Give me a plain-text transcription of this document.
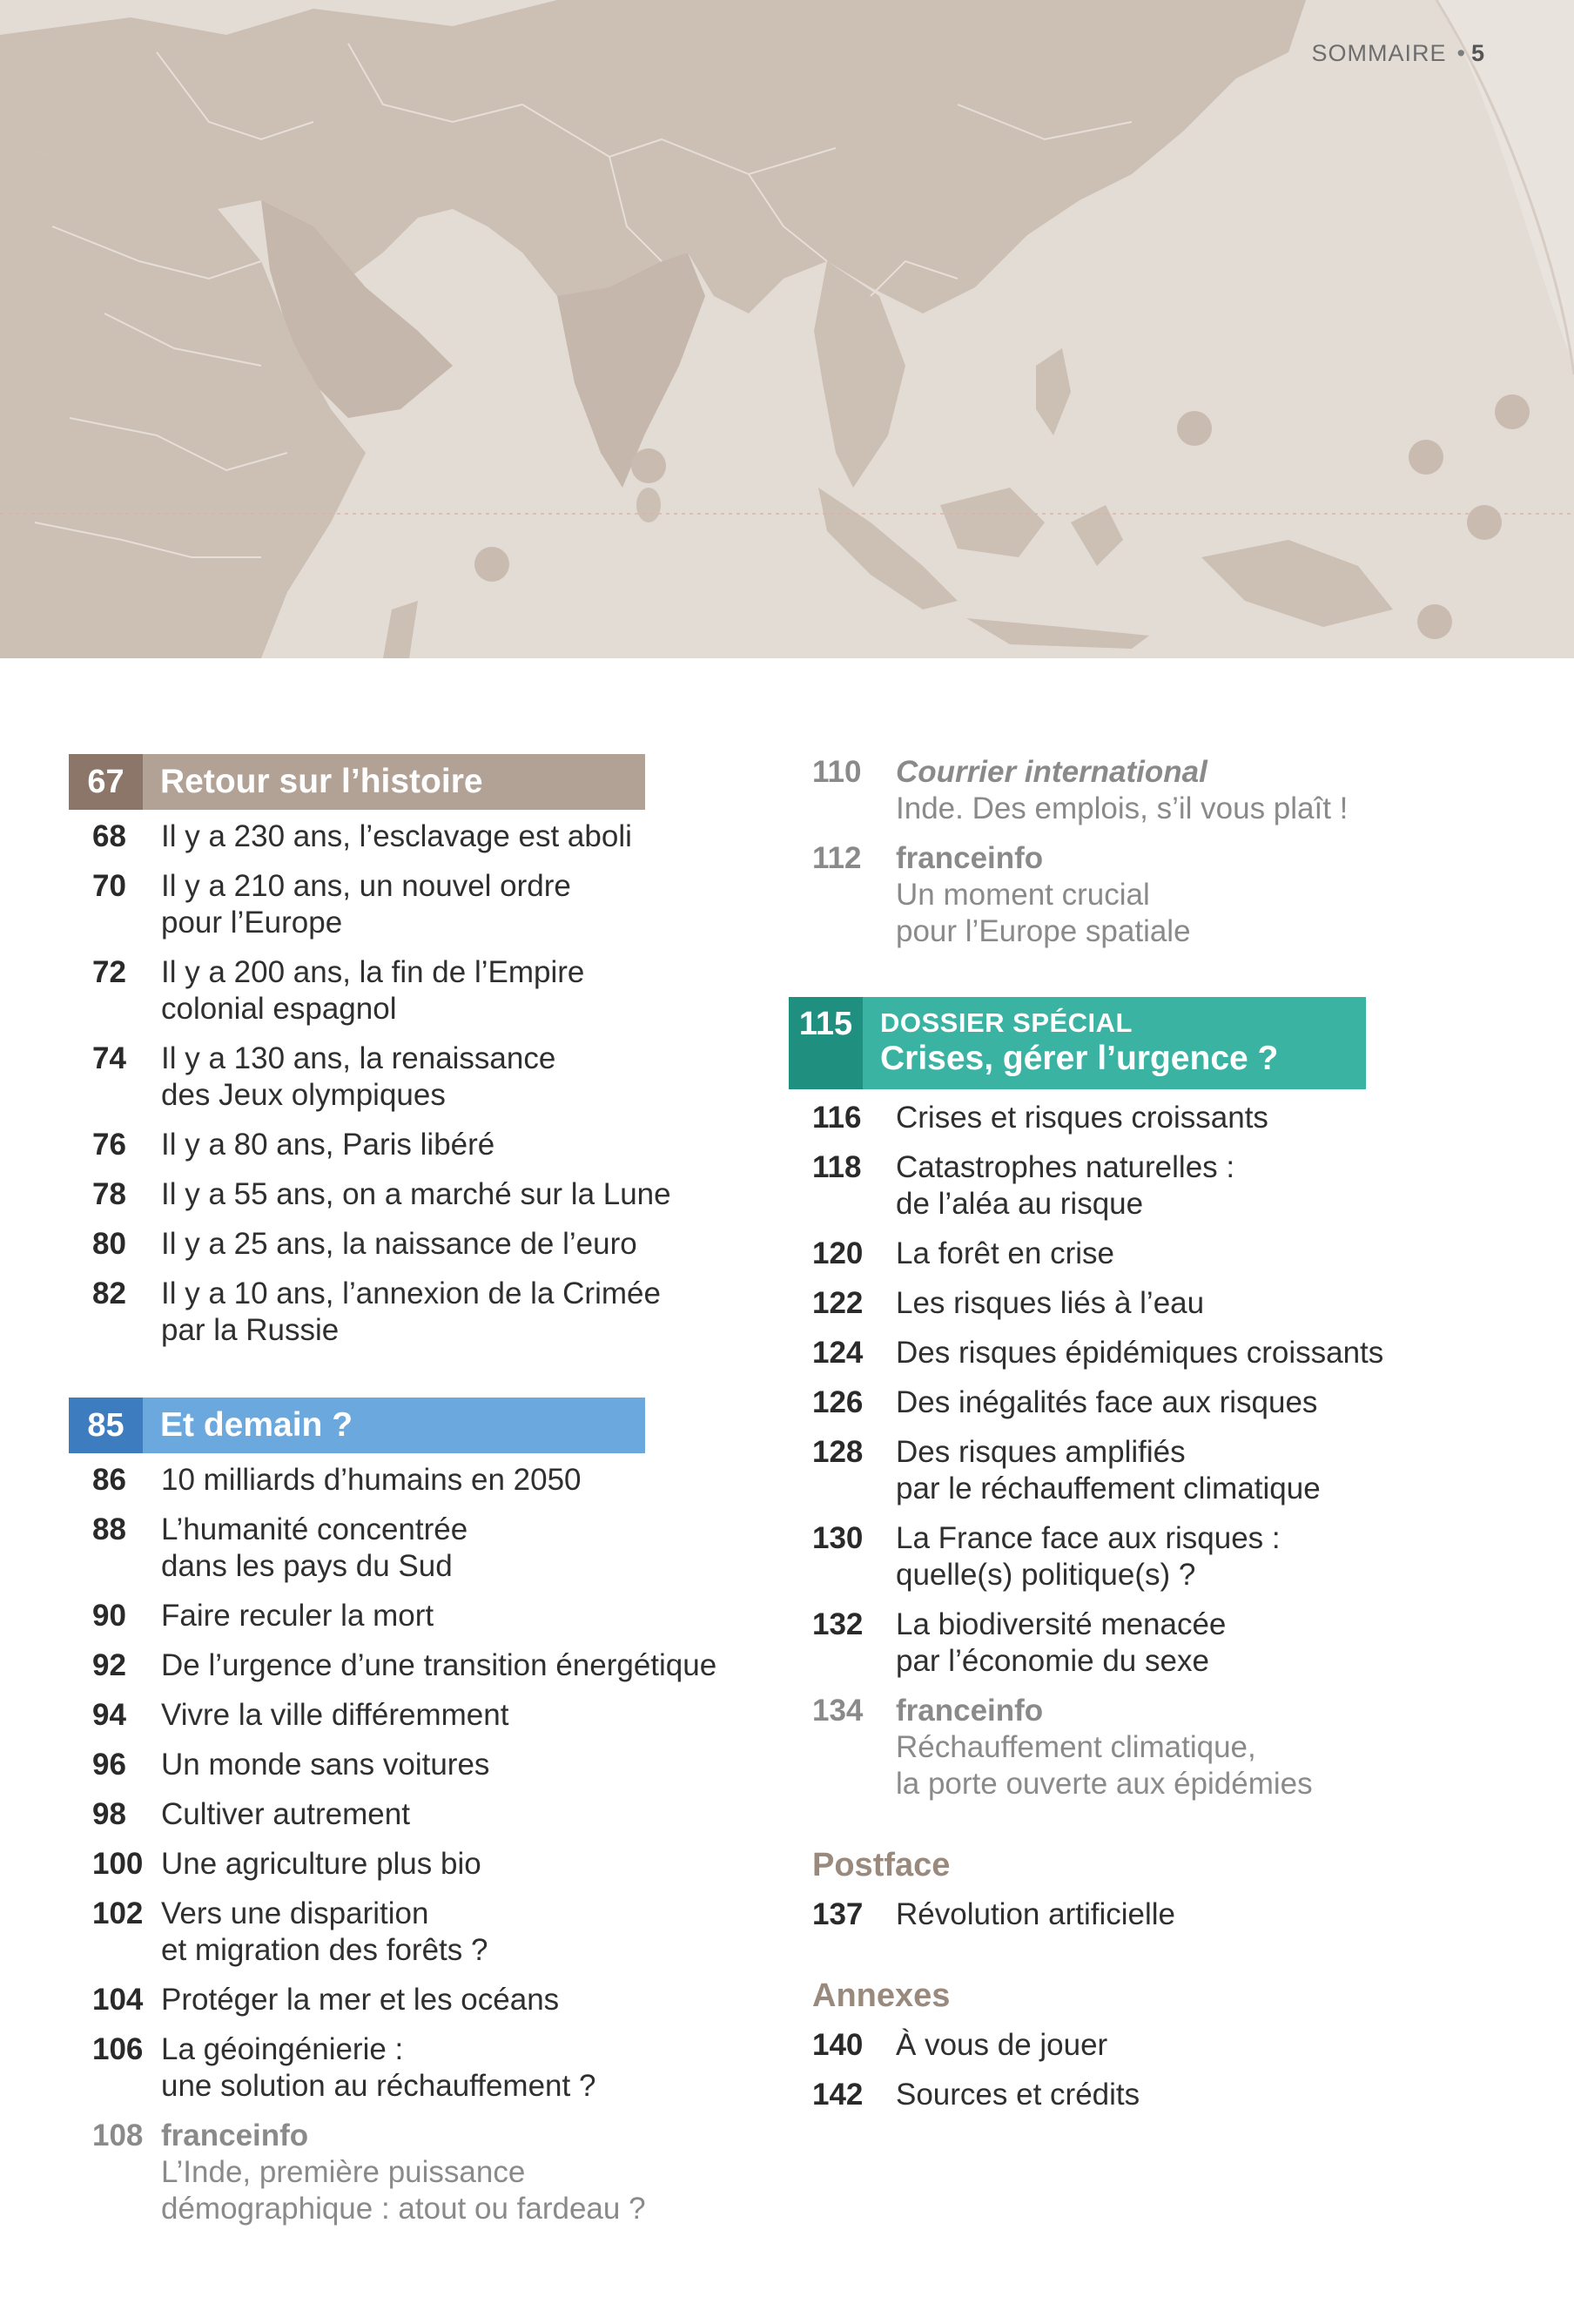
SOMMAIRE • 5
67	Retour sur l’histoire
68	Il y a 230 ans, l’esclavage est aboli
70	Il y a 210 ans, un nouvel ordre
pour l’Europe
72	Il y a 200 ans, la fin de l’Empire
colonial espagnol
74	Il y a 130 ans, la renaissance
des Jeux olympiques
76	Il y a 80 ans, Paris libéré
78	Il y a 55 ans, on a marché sur la Lune
80	Il y a 25 ans, la naissance de l’euro
82	Il y a 10 ans, l’annexion de la Crimée
par la Russie
85	Et demain ?
86	10 milliards d’humains en 2050
88	L’humanité concentrée
dans les pays du Sud
90	Faire reculer la mort
92	De l’urgence d’une transition énergétique
94	Vivre la ville différemment
96	Un monde sans voitures
98	Cultiver autrement
100 Une agriculture plus bio
102 Vers une disparition
et migration des forêts ?
104 Protéger la mer et les océans
106 La géoingénierie :
une solution au réchauffement ?
108 franceinfo
L’Inde, première puissance
démographique : atout ou fardeau ?
110	Courrier international
Inde. Des emplois, s’il vous plaît !
112	franceinfo
Un moment crucial
pour l’Europe spatiale
115	DOSSIER SPÉCIAL
Crises, gérer l’urgence ?
116	Crises et risques croissants
118	Catastrophes naturelles :
de l’aléa au risque
120	La forêt en crise
122	Les risques liés à l’eau
124	Des risques épidémiques croissants
126	Des inégalités face aux risques
128	Des risques amplifiés
par le réchauffement climatique
130	La France face aux risques :
quelle(s) politique(s) ?
132	La biodiversité menacée
par l’économie du sexe
134	franceinfo
Réchauffement climatique,
la porte ouverte aux épidémies
Postface
137	Révolution artificielle
Annexes
140	À vous de jouer
142	Sources et crédits
